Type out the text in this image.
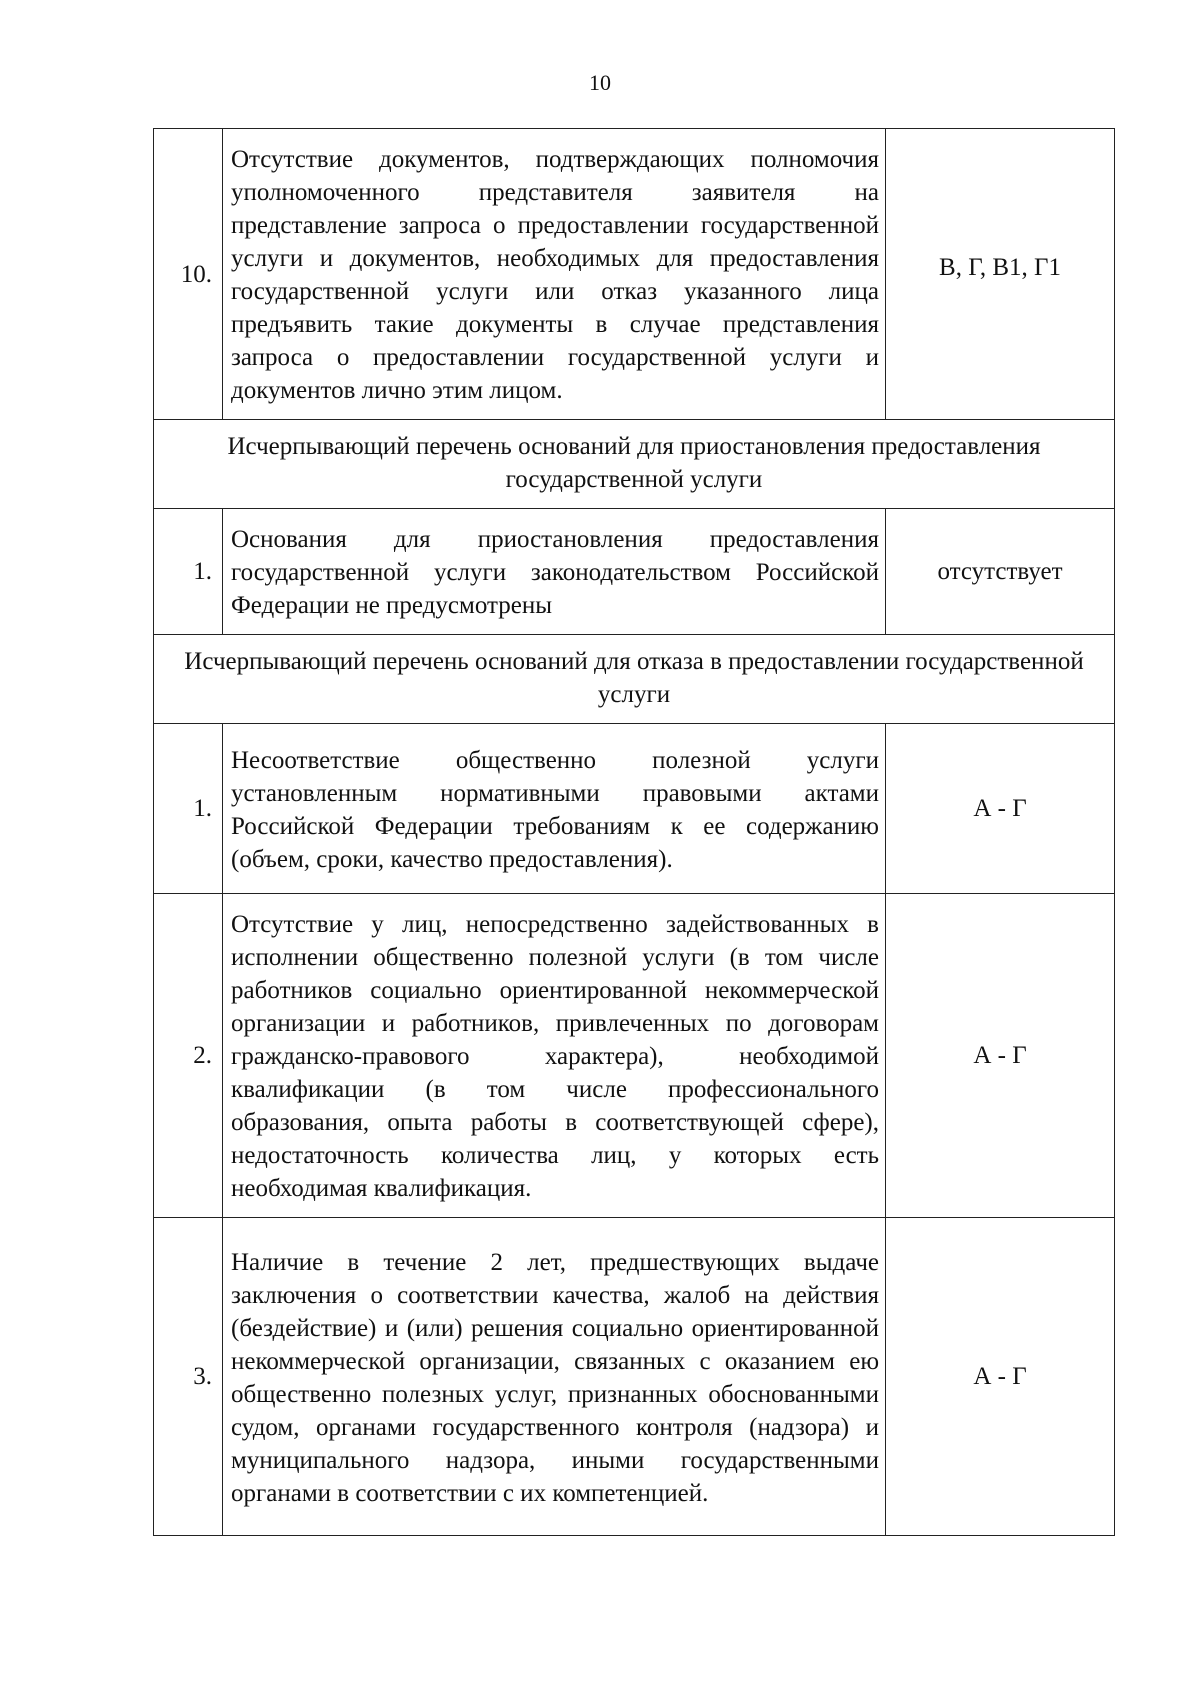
10
10.	Отсутствие документов, подтверждающих полномочия уполномоченного представителя заявителя на представление запроса о предоставлении государственной услуги и документов, необходимых для предоставления государственной услуги или отказ указанного лица предъявить такие документы в случае представления запроса о предоставлении государственной услуги и документов лично этим лицом.	В, Г, В1, Г1
Исчерпывающий перечень оснований для приостановления предоставления государственной услуги		
1.	Основания для приостановления предоставления государственной услуги законодательством Российской Федерации не предусмотрены	отсутствует
Исчерпывающий перечень оснований для отказа в предоставлении государственной услуги		
1.	Несоответствие общественно полезной услуги установленным нормативными правовыми актами Российской Федерации требованиям к ее содержанию (объем, сроки, качество предоставления).	А - Г
2.	Отсутствие у лиц, непосредственно задействованных в исполнении общественно полезной услуги (в том числе работников социально ориентированной некоммерческой организации и работников, привлеченных по договорам гражданско-правового характера), необходимой квалификации (в том числе профессионального образования, опыта работы в соответствующей сфере), недостаточность количества лиц, у которых есть необходимая квалификация.	А - Г
3.	Наличие в течение 2 лет, предшествующих выдаче заключения о соответствии качества, жалоб на действия (бездействие) и (или) решения социально ориентированной некоммерческой организации, связанных с оказанием ею общественно полезных услуг, признанных обоснованными судом, органами государственного контроля (надзора) и муниципального надзора, иными государственными органами в соответствии с их компетенцией.	А - Г
